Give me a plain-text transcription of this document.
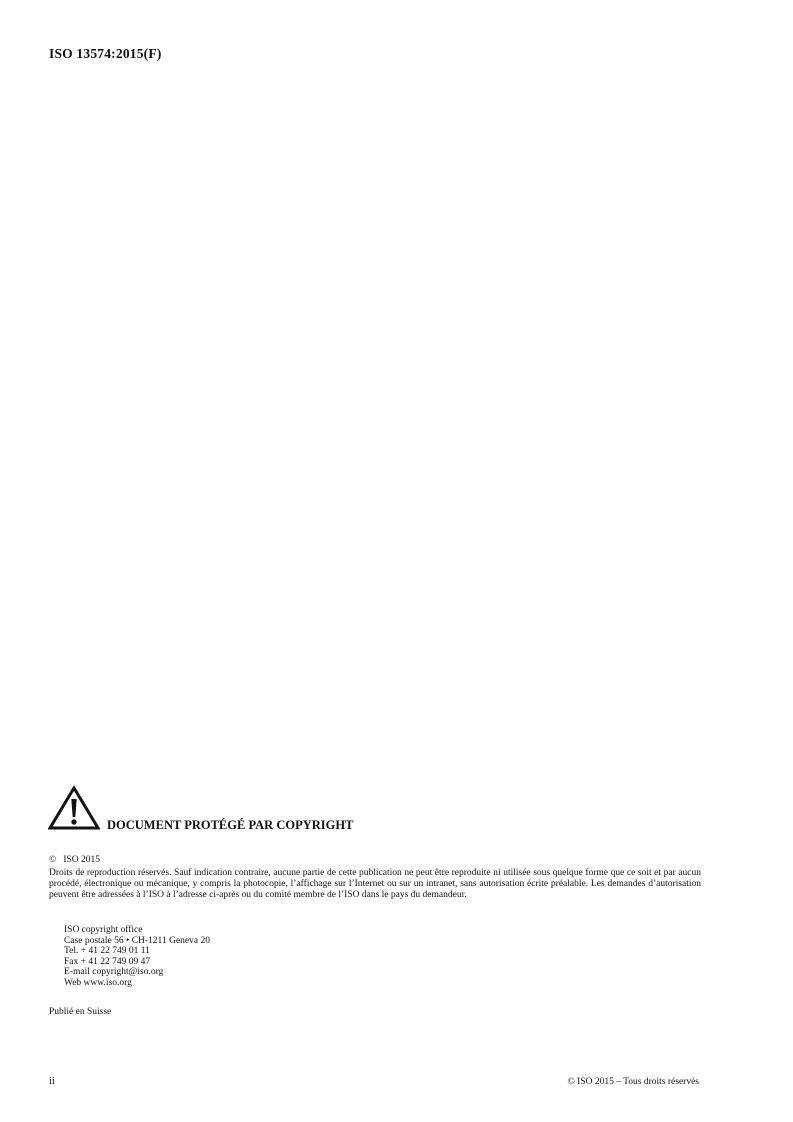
ISO 13574:2015(F)
DOCUMENT PROTÉGÉ PAR COPYRIGHT
© ISO 2015
Droits de reproduction réservés. Sauf indication contraire, aucune partie de cette publication ne peut être reproduite ni utilisée sous quelque forme que ce soit et par aucun procédé, électronique ou mécanique, y compris la photocopie, l’affichage sur l’Internet ou sur un intranet, sans autorisation écrite préalable. Les demandes d’autorisation peuvent être adressées à l’ISO à l’adresse ci-après ou du comité membre de l’ISO dans le pays du demandeur.
ISO copyright office
Case postale 56 • CH-1211 Geneva 20
Tel. + 41 22 749 01 11
Fax + 41 22 749 09 47
E-mail copyright@iso.org
Web www.iso.org
Publié en Suisse
ii	© ISO 2015 – Tous droits réservés
